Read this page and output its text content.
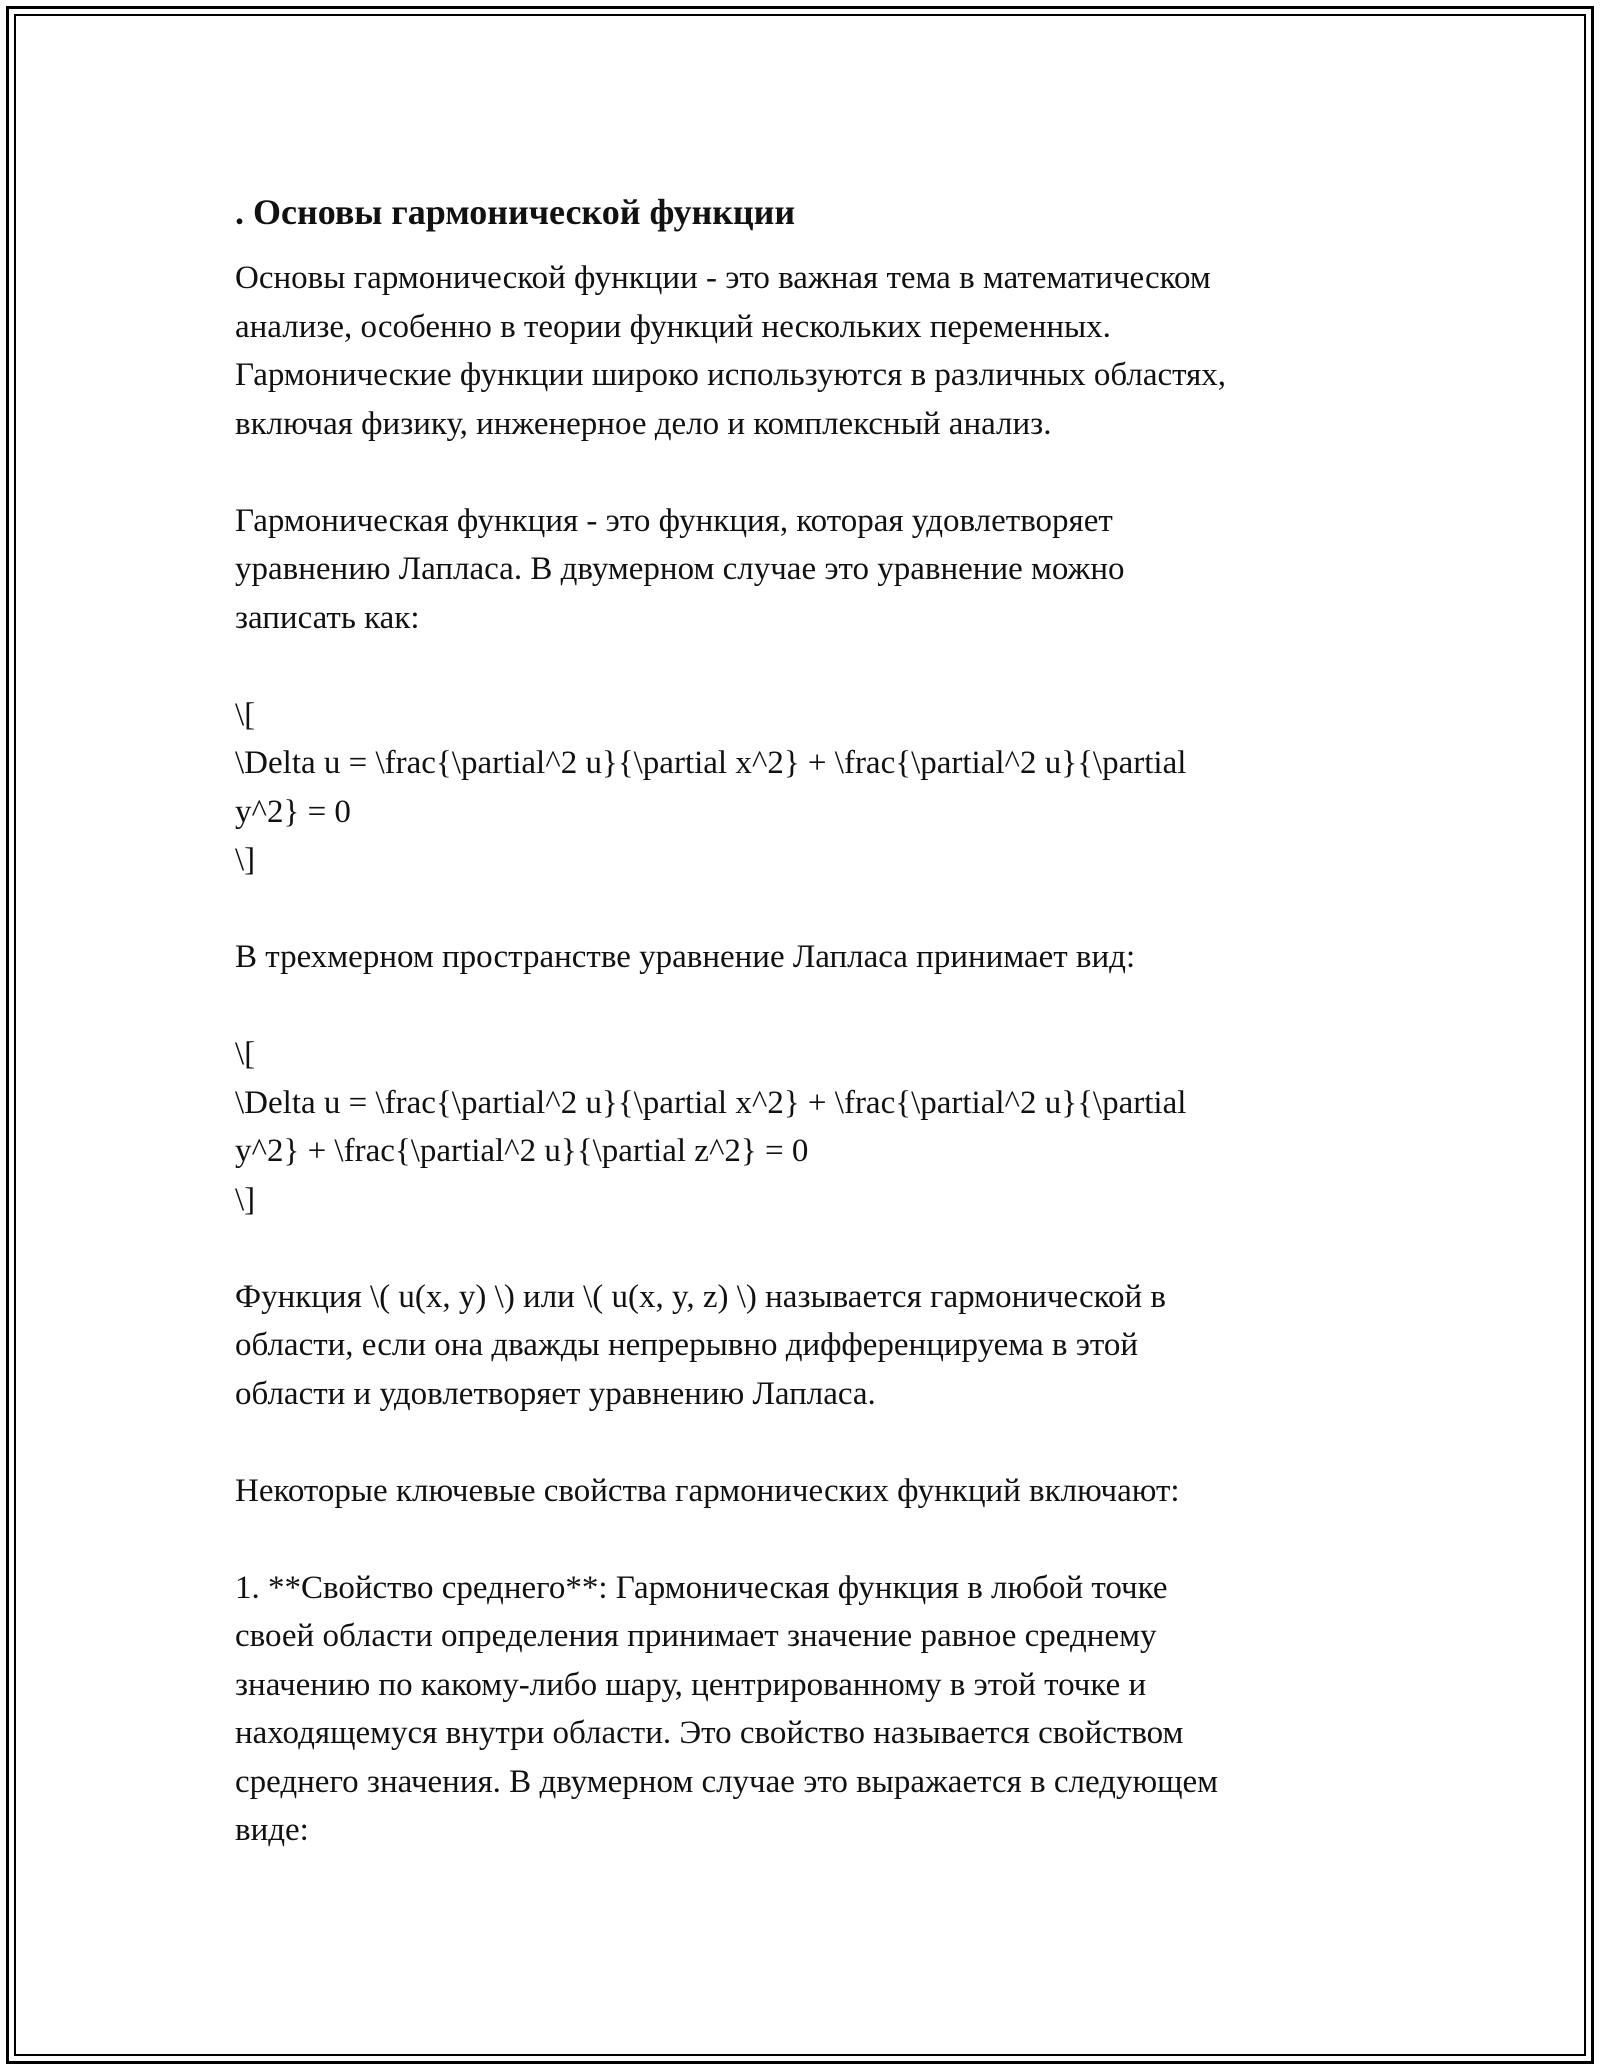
. Основы гармонической функции

Основы гармонической функции - это важная тема в математическом
анализе, особенно в теории функций нескольких переменных.
Гармонические функции широко используются в различных областях,
включая физику, инженерное дело и комплексный анализ.

Гармоническая функция - это функция, которая удовлетворяет
уравнению Лапласа. В двумерном случае это уравнение можно
записать как:

\[
\Delta u = \frac{\partial^2 u}{\partial x^2} + \frac{\partial^2 u}{\partial
y^2} = 0
\]

В трехмерном пространстве уравнение Лапласа принимает вид:

\[
\Delta u = \frac{\partial^2 u}{\partial x^2} + \frac{\partial^2 u}{\partial
y^2} + \frac{\partial^2 u}{\partial z^2} = 0
\]

Функция \( u(x, y) \) или \( u(x, y, z) \) называется гармонической в
области, если она дважды непрерывно дифференцируема в этой
области и удовлетворяет уравнению Лапласа.

Некоторые ключевые свойства гармонических функций включают:

1. **Свойство среднего**: Гармоническая функция в любой точке
своей области определения принимает значение равное среднему
значению по какому-либо шару, центрированному в этой точке и
находящемуся внутри области. Это свойство называется свойством
среднего значения. В двумерном случае это выражается в следующем
виде:
